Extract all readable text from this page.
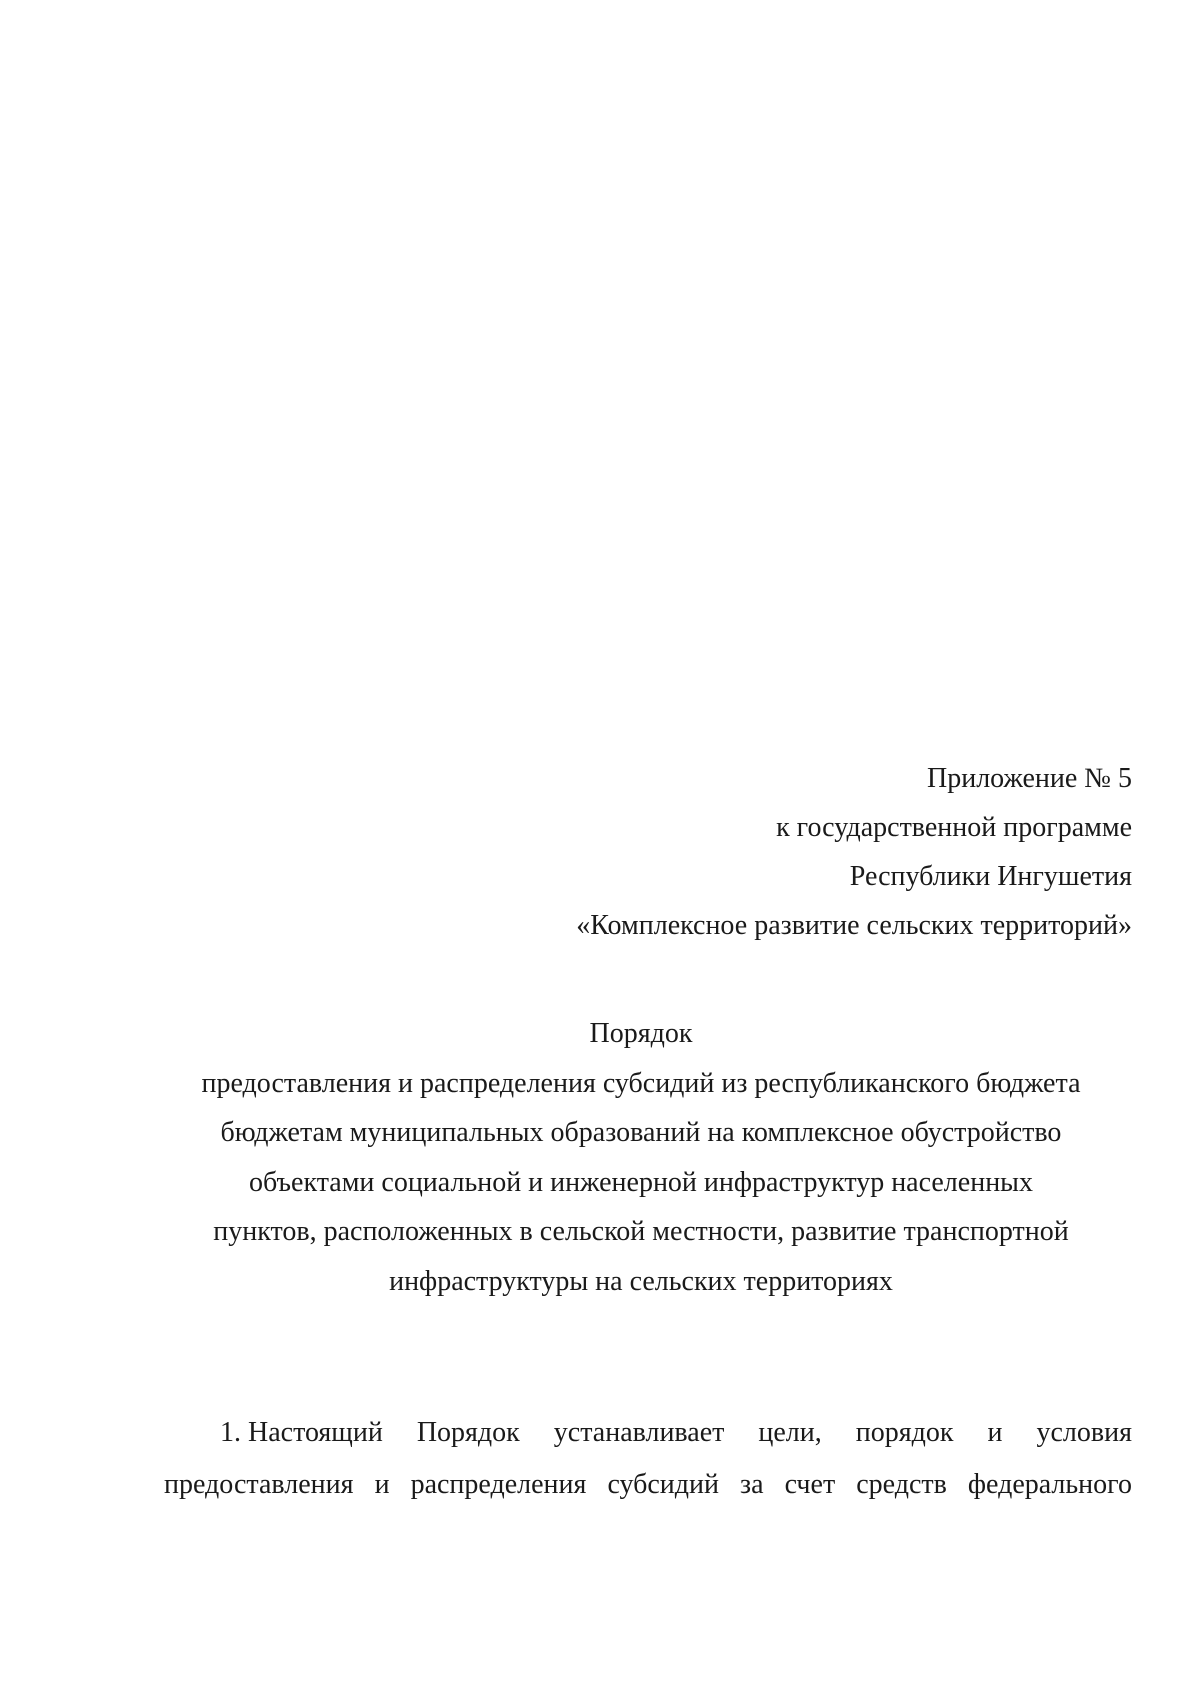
Приложение № 5
к государственной программе
Республики Ингушетия
«Комплексное развитие сельских территорий»
Порядок
предоставления и распределения субсидий из республиканского бюджета
бюджетам муниципальных образований на комплексное обустройство
объектами социальной и инженерной инфраструктур населенных
пунктов, расположенных в сельской местности, развитие транспортной
инфраструктуры на сельских территориях
1. Настоящий Порядок устанавливает цели, порядок и условия
предоставления и распределения субсидий за счет средств федерального
